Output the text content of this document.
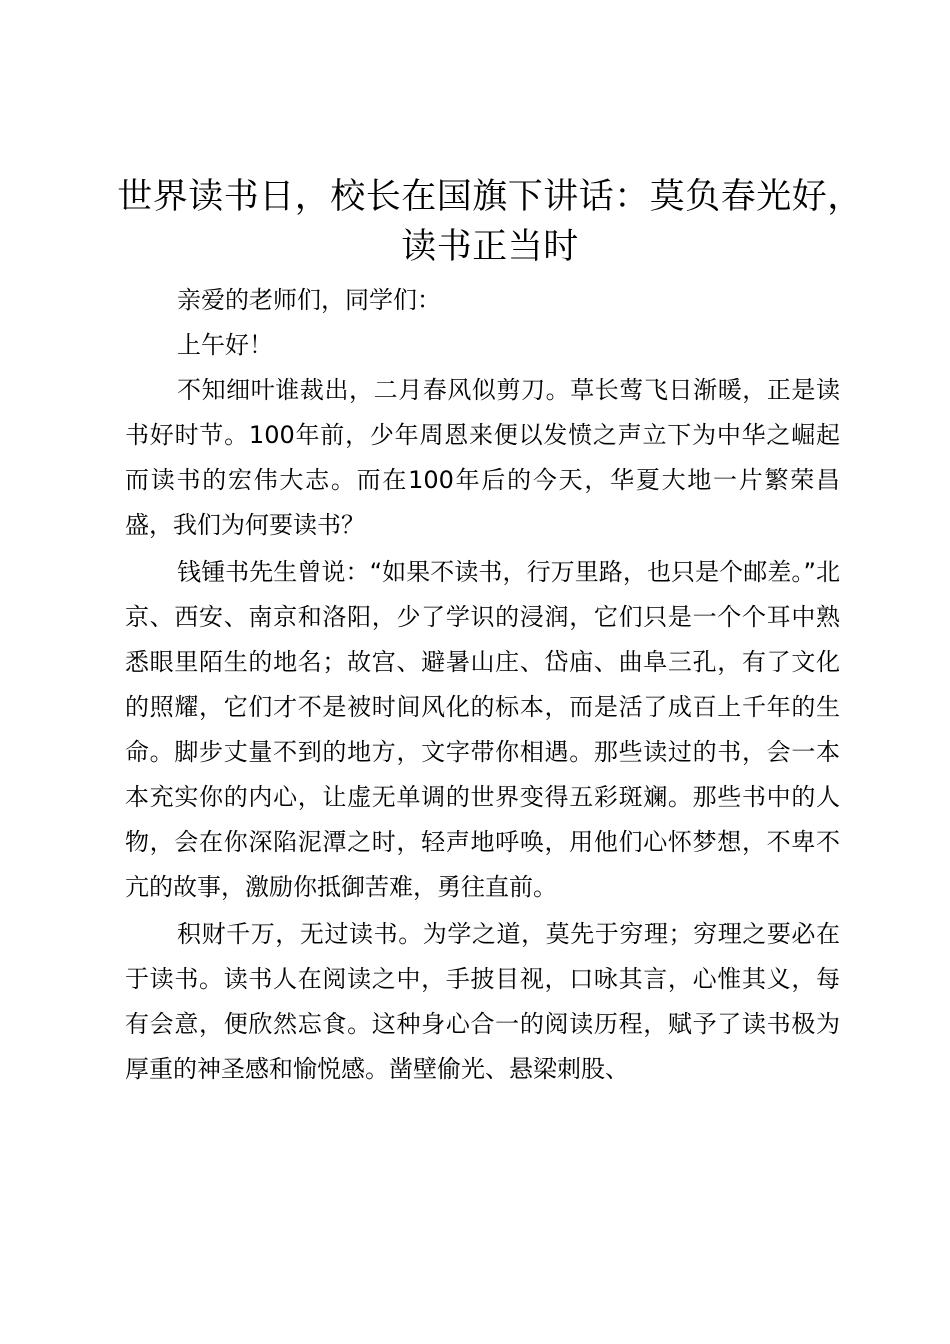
世界读书日，校长在国旗下讲话：莫负春光好，
读书正当时

亲爱的老师们，同学们：

上午好！

不知细叶谁裁出，二月春风似剪刀。草长莺飞日渐暖，正是读书好时节。100年前，少年周恩来便以发愤之声立下为中华之崛起而读书的宏伟大志。而在100年后的今天，华夏大地一片繁荣昌盛，我们为何要读书？

钱锺书先生曾说：“如果不读书，行万里路，也只是个邮差。”北京、西安、南京和洛阳，少了学识的浸润，它们只是一个个耳中熟悉眼里陌生的地名；故宫、避暑山庄、岱庙、曲阜三孔，有了文化的照耀，它们才不是被时间风化的标本，而是活了成百上千年的生命。脚步丈量不到的地方，文字带你相遇。那些读过的书，会一本本充实你的内心，让虚无单调的世界变得五彩斑斓。那些书中的人物，会在你深陷泥潭之时，轻声地呼唤，用他们心怀梦想，不卑不亢的故事，激励你抵御苦难，勇往直前。

积财千万，无过读书。为学之道，莫先于穷理；穷理之要必在于读书。读书人在阅读之中，手披目视，口咏其言，心惟其义，每有会意，便欣然忘食。这种身心合一的阅读历程，赋予了读书极为厚重的神圣感和愉悦感。凿壁偷光、悬梁刺股、
